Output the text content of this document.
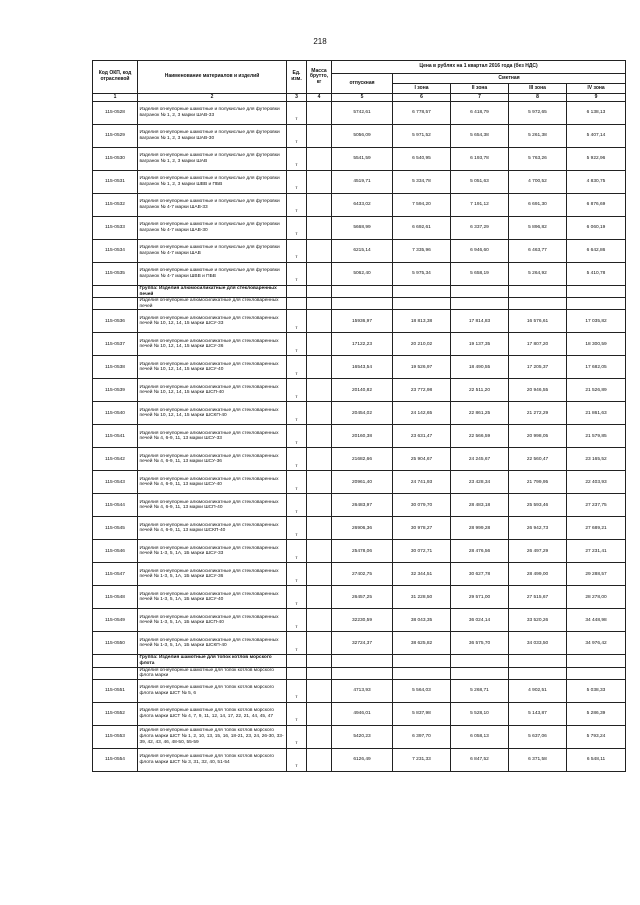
218
Код ОКП, код отраслевой	Наименование материалов и изделий	Ед. изм.	Масса брутто, кг	Цена в рублях на 1 квартал 2016 года (без НДС)				
				отпускная	Сметная			
					I зона	II зона	III зона	IV зона
1	2	3	4	5	6	7	8	9
115-0528	Изделия огнеупорные шамотные и полукислые для футеровки вагранок № 1, 2, 3 марки ШАВ-33	т		5742,61	6 778,57	6 418,79	5 972,65	6 138,13
115-0529	Изделия огнеупорные шамотные и полукислые для футеровки вагранок № 1, 2, 3 марки ШАВ-30	т		5056,09	5 971,52	5 654,38	5 261,38	5 407,14
115-0530	Изделия огнеупорные шамотные и полукислые для футеровки вагранок № 1, 2, 3 марки ШАВ	т		5541,59	6 540,95	6 193,78	5 763,26	5 922,96
115-0531	Изделия огнеупорные шамотные и полукислые для футеровки вагранок № 1, 2, 3 марки ШВВ и ПБВ	т		4519,71	5 334,78	5 051,63	4 700,52	4 830,75
115-0532	Изделия огнеупорные шамотные и полукислые для футеровки вагранок № 4-7 марки ШАВ-33	т		6433,02	7 594,20	7 191,12	6 691,30	6 876,69
115-0533	Изделия огнеупорные шамотные и полукислые для футеровки вагранок № 4-7 марки ШАВ-30	т		5668,99	6 692,61	6 337,29	5 896,82	6 060,19
115-0534	Изделия огнеупорные шамотные и полукислые для футеровки вагранок № 4-7 марки ШАВ	т		6215,14	7 335,96	6 946,60	6 463,77	6 642,86
115-0535	Изделия огнеупорные шамотные и полукислые для футеровки вагранок № 4-7 марки ШВВ и ПБВ	т		5062,40	5 975,34	5 658,19	5 264,92	5 410,78
	Группа: Изделия алюмосиликатные для стекловаренных печей							
	Изделия огнеупорные алюмосиликатные для стекловаренных печей							
115-0536	Изделия огнеупорные алюмосиликатные для стекловаренных печей № 10, 12, 14, 15 марки ШСУ-33	т		15936,97	18 813,38	17 814,83	16 576,61	17 035,82
115-0537	Изделия огнеупорные алюмосиликатные для стекловаренных печей № 10, 12, 14, 15 марки ШСУ-36	т		17122,23	20 210,02	19 137,35	17 807,20	18 300,59
115-0538	Изделия огнеупорные алюмосиликатные для стекловаренных печей № 10, 12, 14, 15 марки ШСУ-40	т		16543,54	19 526,97	18 490,55	17 205,37	17 682,05
115-0539	Изделия огнеупорные алюмосиликатные для стекловаренных печей № 10, 12, 14, 15 марки ШСП-40	т		20140,82	23 772,98	22 511,20	20 946,55	21 526,89
115-0540	Изделия огнеупорные алюмосиликатные для стекловаренных печей № 10, 12, 14, 15 марки ШСКП-40	т		20454,02	24 142,65	22 861,25	21 272,29	21 861,63
115-0541	Изделия огнеупорные алюмосиликатные для стекловаренных печей № 4, 6-9, 11, 13 марки ШСУ-33	т		20160,38	23 631,47	22 566,59	20 998,05	21 579,85
115-0542	Изделия огнеупорные алюмосиликатные для стекловаренных печей № 4, 6-9, 11, 13 марки ШСУ-36	т		21682,66	25 904,67	24 245,67	22 560,47	23 165,52
115-0543	Изделия огнеупорные алюмосиликатные для стекловаренных печей № 4, 6-9, 11, 13 марки ШСУ-40	т		20961,40	24 741,93	23 428,34	21 799,95	22 403,93
115-0544	Изделия огнеупорные алюмосиликатные для стекловаренных печей № 4, 6-9, 11, 13 марки ШСП-40	т		26483,97	30 079,70	28 483,18	25 593,46	27 237,75
115-0545	Изделия огнеупорные алюмосиликатные для стекловаренных печей № 4, 6-9, 11, 13 марки ШСКП-40	т		26906,36	30 978,27	28 999,28	26 942,73	27 689,21
115-0546	Изделия огнеупорные алюмосиликатные для стекловаренных печей № 1-3, 5, 1А, 1Б марки ШСУ-33	т		25478,06	30 072,71	28 476,56	26 497,29	27 231,41
115-0547	Изделия огнеупорные алюмосиликатные для стекловаренных печей № 1-3, 5, 1А, 1Б марки ШСУ-36	т		27402,75	32 344,51	30 627,78	28 499,00	29 288,57
115-0548	Изделия огнеупорные алюмосиликатные для стекловаренных печей № 1-3, 5, 1А, 1Б марки ШСУ-40	т		26457,25	31 228,50	29 571,00	27 515,67	28 278,00
115-0549	Изделия огнеупорные алюмосиликатные для стекловаренных печей № 1-3, 5, 1А, 1Б марки ШСП-40	т		32230,59	38 043,35	36 024,14	33 520,26	34 448,98
115-0550	Изделия огнеупорные алюмосиликатные для стекловаренных печей № 1-3, 5, 1А, 1Б марки ШСКП-40	т		32724,37	38 625,82	36 575,70	34 033,50	34 976,42
	Группа: Изделия шамотные для топок котлов морского флота							
	Изделия огнеупорные шамотные для топок котлов морского флота марки							
115-0551	Изделия огнеупорные шамотные для топок котлов морского флота марки ШСТ № 5, 6	т		4713,93	5 564,03	5 268,71	4 902,51	5 038,33
115-0552	Изделия огнеупорные шамотные для топок котлов морского флота марки ШСТ № 4, 7, 9, 11, 12, 14, 17, 22, 21, 44, 45, 47	т		4946,01	5 837,98	5 528,10	5 143,87	5 286,39
115-0553	Изделия огнеупорные шамотные для топок котлов морского флота марки ШСТ № 1, 2, 10, 13, 15, 16, 18-21, 23, 24, 26-30, 33-39, 42, 43, 46, 48-50, 55-59	т		5420,23	6 397,70	6 058,13	5 637,06	5 793,24
115-0554	Изделия огнеупорные шамотные для топок котлов морского флота марки ШСТ № 3, 31, 32, 40, 51-54	т		6126,49	7 231,33	6 847,52	6 371,58	6 548,11
